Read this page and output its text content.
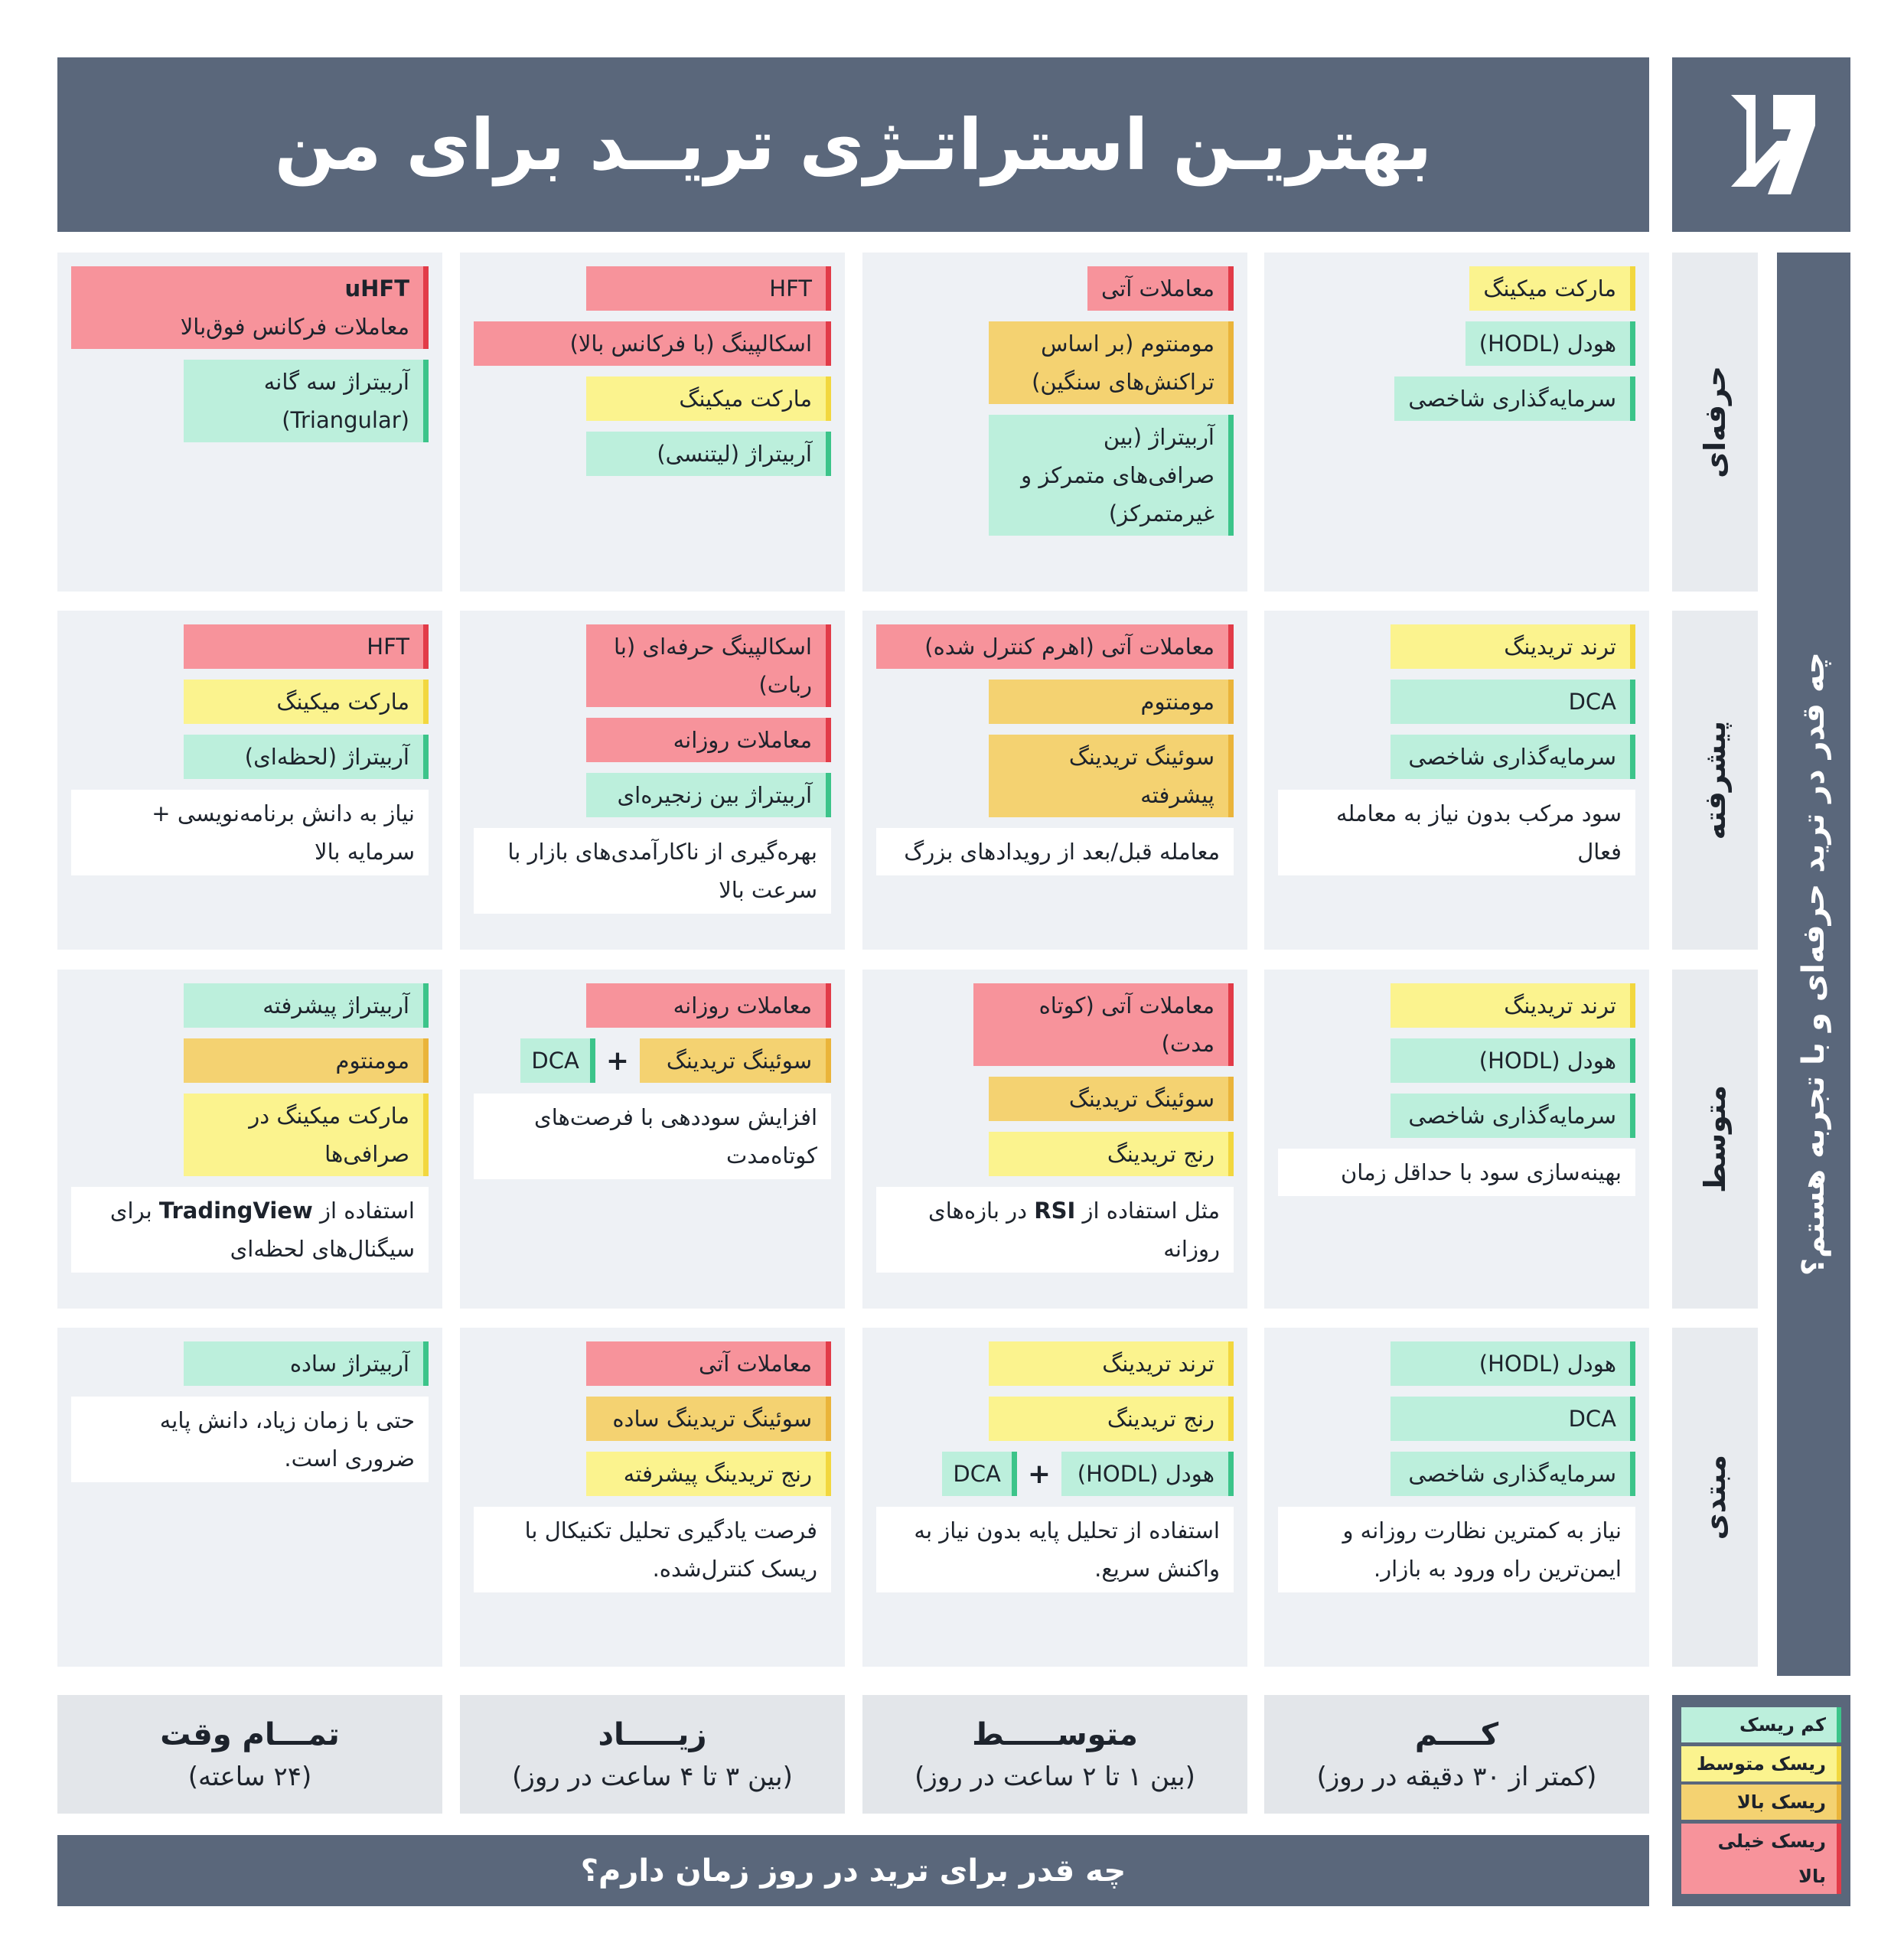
بهتریـن استراتـژی تریــد برای من
چه قدر در ترید حرفه‌ای و با تجربه هستم؟
حرفه‌ای
پیشرفته
متوسط
مبتدی
مارکت میکینگ
هودل (HODL)
سرمایه‌گذاری شاخصی
معاملات آتی
مومنتوم (بر اساس تراکنش‌های سنگین)
آربیتراژ (بین صرافی‌های متمرکز و غیرمتمرکز)
HFT
اسکالپینگ (با فرکانس بالا)
مارکت میکینگ
آربیتراژ (لیتنسی)
uHFT
معاملات فرکانس فوق‌بالا
آربیتراژ سه گانه
(Triangular)
ترند تریدینگ
DCA
سرمایه‌گذاری شاخصی
سود مرکب بدون نیاز به معامله فعال
معاملات آتی (اهرم کنترل شده)
مومنتوم
سوئینگ تریدینگ پیشرفته
معامله قبل/بعد از رویدادهای بزرگ
اسکالپینگ حرفه‌ای (با ربات)
معاملات روزانه
آربیتراژ بین زنجیره‌ای
بهره‌گیری از ناکارآمدی‌های بازار با سرعت بالا
HFT
مارکت میکینگ
آربیتراژ (لحظه‌ای)
نیاز به دانش برنامه‌نویسی + سرمایه بالا
ترند تریدینگ
هودل (HODL)
سرمایه‌گذاری شاخصی
بهینه‌سازی سود با حداقل زمان
معاملات آتی (کوتاه مدت)
سوئینگ تریدینگ
رنج تریدینگ
مثل استفاده از RSI در بازه‌های روزانه
معاملات روزانه
DCA +	سوئینگ تریدینگ
افزایش سوددهی با فرصت‌های کوتاه‌مدت
آربیتراژ پیشرفته
مومنتوم
مارکت میکینگ در صرافی‌ها
استفاده از TradingView برای سیگنال‌های لحظه‌ای
هودل (HODL)
DCA
سرمایه‌گذاری شاخصی
نیاز به کمترین نظارت روزانه و ایمن‌ترین راه ورود به بازار.
ترند تریدینگ
رنج تریدینگ
DCA +	هودل (HODL)
استفاده از تحلیل پایه بدون نیاز به واکنش سریع.
معاملات آتی
سوئینگ تریدینگ ساده
رنج تریدینگ پیشرفته
فرصت یادگیری تحلیل تکنیکال با ریسک کنترل‌شده.
آربیتراژ ساده
حتی با زمان زیاد، دانش پایه ضروری است.
کــــم
(کمتر از ۳۰ دقیقه در روز)
متوســـــط
(بین ۱ تا ۲ ساعت در روز)
زیـــــاد
(بین ۳ تا ۴ ساعت در روز)
تمـــام وقت
(۲۴ ساعته)
چه قدر برای ترید در روز زمان دارم؟
کم ریسک
ریسک متوسط
ریسک بالا
ریسک خیلی بالا
